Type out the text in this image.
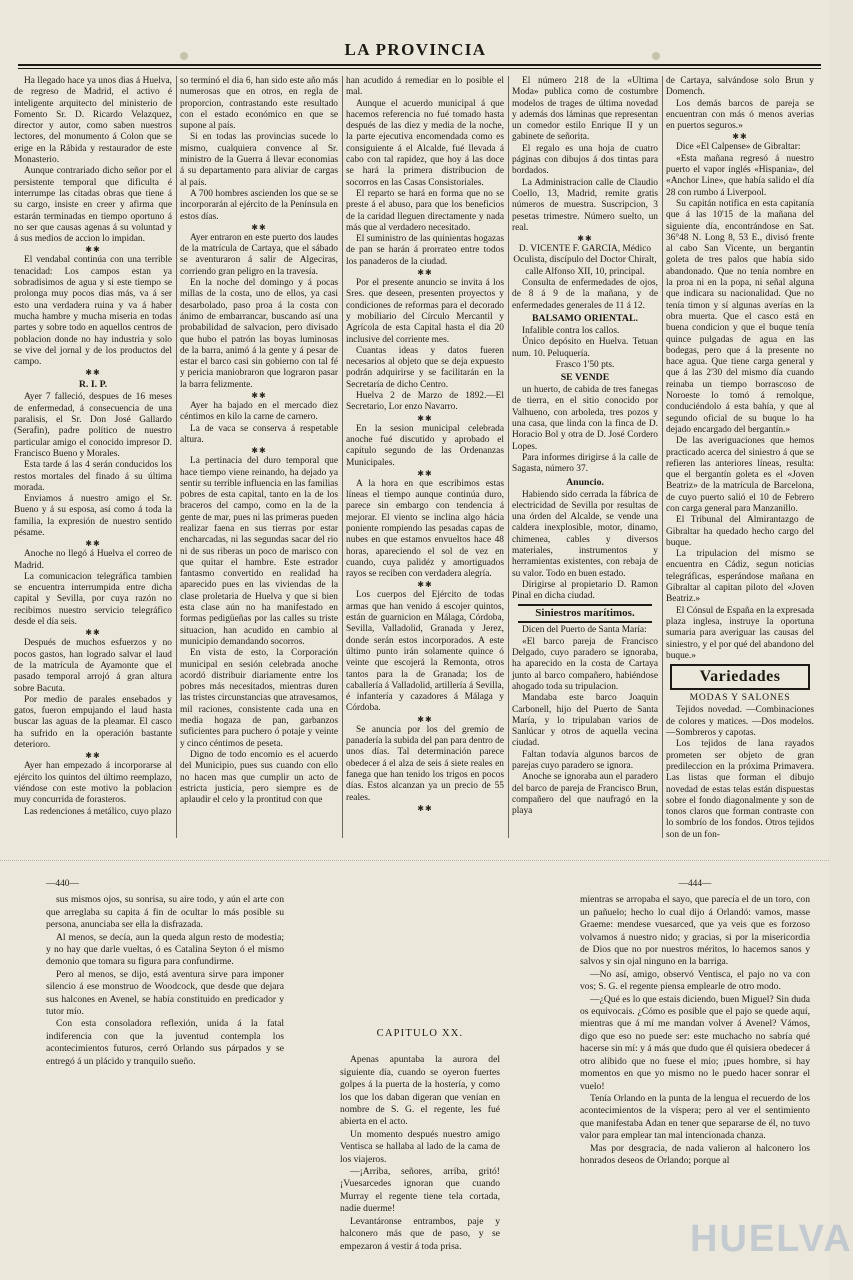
LA PROVINCIA

Ha llegado hace ya unos dias á Huelva, de regreso de Madrid, el activo é inteligente arquitecto del ministerio de Fomento Sr. D. Ricardo Velazquez, director y autor, como saben nuestros lectores, del monumento á Colon que se erige en la Rábida y restaurador de este Monasterio.

Aunque contrariado dicho señor por el persistente temporal que dificulta é interrumpe las citadas obras que tiene á su cargo, insiste en creer y afirma que estarán terminadas en tiempo oportuno á no ser que causas agenas á su voluntad y á sus medios de accion lo impidan.

✱✱

El vendabal continúa con una terrible tenacidad: Los campos estan ya sobradisimos de agua y si este tiempo se prolonga muy pocos dias más, va á ser esto una verdadera ruina y va á haber mucha hambre y mucha miseria en todas partes y sobre todo en aquellos centros de poblacion donde no hay industria y solo se vive del jornal y de los productos del campo.

✱✱

R. I. P.

Ayer 7 falleció, despues de 16 meses de enfermedad, á consecuencia de una paralisis, el Sr. Don José Gallardo (Serafin), padre político de nuestro particular amigo el conocido impresor D. Francisco Bueno y Morales.

Esta tarde á las 4 serán conducidos los restos mortales del finado á su última morada.

Enviamos á nuestro amigo el Sr. Bueno y á su esposa, así como á toda la familia, la expresión de nuestro sentido pésame.

✱✱

Anoche no llegó á Huelva el correo de Madrid.

La comunicacion telegráfica tambien se encuentra interrumpida entre dicha capital y Sevilla, por cuya razón no recibimos nuestro servicio telegráfico desde el día seis.

✱✱

Después de muchos esfuerzos y no pocos gastos, han logrado salvar el laud de la matrícula de Ayamonte que el pasado temporal arrojó á gran altura sobre Bacuta.

Por medio de parales ensebados y gatos, fueron empujando el laud hasta buscar las aguas de la pleamar. El casco ha sufrido en la operación bastante deterioro.

✱✱

Ayer han empezado á incorporarse al ejército los quintos del último reemplazo, viéndose con este motivo la poblacion muy concurrida de forasteros.

Las redenciones á metálico, cuyo plazo

so terminó el dia 6, han sido este año más numerosas que en otros, en regla de proporcion, contrastando este resultado con el estado económico en que se supone al país.

Si en todas las provincias sucede lo mismo, cualquiera convence al Sr. ministro de la Guerra á llevar economias á su departamento para aliviar de cargas al país.

A 700 hombres ascienden los que se se incorporarán al ejército de la Península en estos días.

✱✱

Ayer entraron en este puerto dos laudes de la matrícula de Cartaya, que el sábado se aventuraron á salir de Algeciras, corriendo gran peligro en la travesía.

En la noche del domingo y á pocas millas de la costa, uno de ellos, ya casi desarbolado, paso proa á la costa con ánimo de embarrancar, buscando así una probabilidad de salvacion, pero divisado que hubo el patrón las boyas luminosas de la barra, animó á la gente y á pesar de estar el barco casi sin gobierno con tal fé y pericia maniobraron que lograron pasar la barra felizmente.

✱✱

Ayer ha bajado en el mercado diez céntimos en kilo la carne de carnero.

La de vaca se conserva á respetable altura.

✱✱

La pertinacia del duro temporal que hace tiempo viene reinando, ha dejado ya sentir su terrible influencia en las familias pobres de esta capital, tanto en la de los braceros del campo, como en la de la gente de mar, pues ni las primeras pueden realizar faena en sus tierras por estar encharcadas, ni las segundas sacar del rio ni de sus riberas un poco de marisco con que quitar el hambre. Este estrador fantasmo convertido en realidad ha aparecido pues en las viviendas de la clase proletaria de Huelva y que si bien esta clase aún no ha manifestado en formas pedigüeñas por las calles su triste situacion, han acudido en cambio al municipio demandando socorros.

En vista de esto, la Corporación municipal en sesión celebrada anoche acordó distribuir diariamente entre los pobres más necesitados, mientras duren las tristes circunstancias que atravesamos, mil raciones, consistente cada una en media hogaza de pan, garbanzos suficientes para puchero ó potaje y veinte y cinco céntimos de peseta.

Digno de todo encomio es el acuerdo del Municipio, pues sus cuando con ello no hacen mas que cumplir un acto de estricta justicia, pero siempre es de aplaudir el celo y la prontitud con que

han acudido á remediar en lo posible el mal.

Aunque el acuerdo municipal á que hacemos referencia no fué tomado hasta después de las diez y media de la noche, la parte ejecutiva encomendada como es consiguiente á el Alcalde, fué llevada á cabo con tal rapidez, que hoy á las doce se hará la primera distribucion de socorros en las Casas Consistoriales.

El reparto se hará en forma que no se preste á el abuso, para que los beneficios de la caridad lleguen directamente y nada más que al verdadero necesitado.

El suministro de las quinientas hogazas de pan se harán á prorrateo entre todos los panaderos de la ciudad.

✱✱

Por el presente anuncio se invita á los Sres. que deseen, presenten proyectos y condiciones de reformas para el decorado y mobiliario del Círculo Mercantil y Agrícola de esta Capital hasta el dia 20 inclusive del corriente mes.

Cuantas ideas y datos fueren necesarios al objeto que se deja expuesto podrán adquirirse y se facilitarán en la Secretaría de dicho Centro.

Huelva 2 de Marzo de 1892.—El Secretario, Lor enzo Navarro.

✱✱

En la sesion municipal celebrada anoche fué discutido y aprobado el capítulo segundo de las Ordenanzas Municipales.

✱✱

A la hora en que escribimos estas líneas el tiempo aunque continúa duro, parece sin embargo con tendencia á mejorar. El viento se inclina algo hácia poniente rompiendo las pesadas capas de nubes en que estamos envueltos hace 48 horas, apareciendo el sol de vez en cuando, cuya palidéz y amortiguados rayos se reciben con verdadera alegría.

✱✱

Los cuerpos del Ejército de todas armas que han venido á escojer quintos, están de guarnicion en Málaga, Córdoba, Sevilla, Valladolid, Granada y Jerez, donde serán estos incorporados. A este último punto irán solamente quince ó veinte que escojerá la Remonta, otros tantos para la de Granada; los de caballería á Valladolid, artillería á Sevilla, é infantería y cazadores á Málaga y Córdoba.

✱✱

Se anuncia por los del gremio de panadería la subida del pan para dentro de unos días. Tal determinación parece obedecer á el alza de seis á siete reales en fanega que han tenido los trigos en pocos días. Estos alcanzan ya un precio de 55 reales.

✱✱

El número 218 de la «Ultima Moda» publica como de costumbre modelos de trages de última novedad y además dos láminas que representan un comedor estilo Enrique II y un gabinete de señorita.

El regalo es una hoja de cuatro páginas con dibujos á dos tintas para bordados.

La Administracion calle de Claudio Coello, 13, Madrid, remite gratis números de muestra. Suscripcion, 3 pesetas trimestre. Número suelto, un real.

✱✱

D. VICENTE F. GARCIA, Médico Oculista, discípulo del Doctor Chiralt, calle Alfonso XII, 10, principal.

Consulta de enfermedades de ojos, de 8 á 9 de la mañana, y de enfermedades generales de 11 á 12.

BALSAMO ORIENTAL.

Infalible contra los callos.

Único depósito en Huelva. Tetuan num. 10. Peluquería.

Frasco 1'50 pts.

SE VENDE

un huerto, de cabida de tres fanegas de tierra, en el sitio conocido por Valhueno, con arboleda, tres pozos y una casa, que linda con la finca de D. Horacio Bol y otra de D. José Cordero Lopes.

Para informes dirigirse á la calle de Sagasta, número 37.

Anuncio.

Habiendo sido cerrada la fábrica de electricidad de Sevilla por resultas de una órden del Alcalde, se vende una caldera inexplosible, motor, dinamo, chimenea, cables y diversos materiales, instrumentos y herramientas existentes, con rebaja de su valor. Todo en buen estado.

Dirigirse al propietario D. Ramon Pinal en dicha ciudad.

Siniestros marítimos.

Dicen del Puerto de Santa María:

«El barco pareja de Francisco Delgado, cuyo paradero se ignoraba, ha aparecido en la costa de Cartaya junto al barco compañero, habiéndose ahogado toda su tripulacion.

Mandaba este barco Joaquin Carbonell, hijo del Puerto de Santa María, y lo tripulaban varios de Sanlúcar y otros de aquella vecina ciudad.

Faltan todavía algunos barcos de parejas cuyo paradero se ignora.

Anoche se ignoraba aun el paradero del barco de pareja de Francisco Brun, compañero del que naufragó en la playa

de Cartaya, salvándose solo Brun y Domench.

Los demás barcos de pareja se encuentran con más ó menos averias en puertos seguros.»

✱✱

Dice «El Calpense» de Gibraltar:

«Esta mañana regresó á nuestro puerto el vapor inglés «Hispania», del «Anchor Line», que había salido el día 28 con rumbo á Liverpool.

Su capitán notifica en esta capitanía que á las 10'15 de la mañana del siguiente día, encontrándose en Sat. 36°48 N. Long 8, 53 E., divisó frente al cabo San Vicente, un bergantin goleta de tres palos que había sido abandonado. Que no tenía nombre en la proa ni en la popa, ni señal alguna que indicara su nacionalidad. Que no tenía timon y sí algunas averías en la obra muerta. Que el casco está en buena condicion y que el buque tenía quince pulgadas de agua en las bodegas, pero que á la presente no hace agua. Que tiene carga general y que á las 2'30 del mismo día cuando reinaba un tiempo borrascoso de Noroeste lo tomó á remolque, conduciéndolo á esta bahía, y que al segundo oficial de su buque lo ha dejado encargado del bergantín.»

De las averiguaciones que hemos practicado acerca del siniestro á que se refieren las anteriores líneas, resulta: que el bergantín goleta es el «Joven Beatriz» de la matrícula de Barcelona, de cuyo puerto salió el 10 de Febrero con carga general para Manzanillo.

El Tribunal del Almirantazgo de Gibraltar ha quedado hecho cargo del buque.

La tripulacion del mismo se encuentra en Cádiz, segun noticias telegráficas, esperándose mañana en Gibraltar al capitan piloto del «Joven Beatriz.»

El Cónsul de España en la expresada plaza inglesa, instruye la oportuna sumaria para averiguar las causas del siniestro, y el por qué del abandono del buque.»

Variedades

MODAS Y SALONES

Tejidos novedad. —Combinaciones de colores y matices. —Dos modelos. —Sombreros y capotas.

Los tejidos de lana rayados prometen ser objeto de gran predileccion en la próxima Primavera. Las listas que forman el dibujo novedad de estas telas están dispuestas sobre el fondo diagonalmente y son de tonos claros que forman contraste con lo sombrío de los fondos. Otros tejidos son de un fon-

—440—

sus mismos ojos, su sonrisa, su aire todo, y aún el arte con que arreglaba su capita á fin de ocultar lo más posible su persona, anunciaba ser ella la disfrazada.

Al menos, se decía, aun la queda algun resto de modestia; y no hay que darle vueltas, ó es Catalina Seyton ó el mismo demonio que tomara su figura para confundirme.

Pero al menos, se dijo, está aventura sirve para imponer silencio á ese monstruo de Woodcock, que desde que dejara sus halcones en Avenel, se había constituido en predicador y tutor mío.

Con esta consoladora reflexión, unida á la fatal indiferencia con que la juventud contempla los acontecimientos futuros, cerró Orlando sus párpados y se entregó á un plácido y tranquilo sueño.

CAPITULO XX.

Apenas apuntaba la aurora del siguiente día, cuando se oyeron fuertes golpes á la puerta de la hostería, y como los que los daban digeran que venían en nombre de S. G. el regente, les fué abierta en el acto.

Un momento después nuestro amigo Ventisca se hallaba al lado de la cama de los viajeros.

—¡Arriba, señores, arriba, gritó! ¡Vuesarcedes ignoran que cuando Murray el regente tiene tela cortada, nadie duerme!

Levantáronse entrambos, paje y halconero más que de paso, y se empezaron á vestir á toda prisa.

—444—

mientras se arropaba el sayo, que parecía el de un toro, con un pañuelo; hecho lo cual dijo á Orlandó: vamos, masse Graeme: mendese vuesarced, que ya veis que es forzoso volvamos á nuestro nido; y gracias, si por la misericordia de Dios que no por nuestros méritos, lo hacemos sanos y salvos y sin ojal ninguno en la barriga.

—No así, amigo, observó Ventisca, el pajo no va con vos; S. G. el regente piensa emplearle de otro modo.

—¿Qué es lo que estais diciendo, buen Miguel? Sin duda os equivocais. ¿Cómo es posible que el pajo se quede aquí, mientras que á mí me mandan volver á Avenel? Vámos, digo que eso no puede ser: este muchacho no sabría qué hacerse sin mí: y á más que dudo que él quisiera obedecer á otro alibido que no fuese el mio; ¡pues hombre, si hay momentos en que yo mismo no le puedo hacer sonrar el vuelo!

Tenía Orlando en la punta de la lengua el recuerdo de los acontecimientos de la víspera; pero al ver el sentimiento que manifestaba Adan en tener que separarse de él, no tuvo valor para emplear tan mal intencionada chanza.

Mas por desgracia, de nada valieron al halconero los honrados deseos de Orlando; porque al

HUELVA
